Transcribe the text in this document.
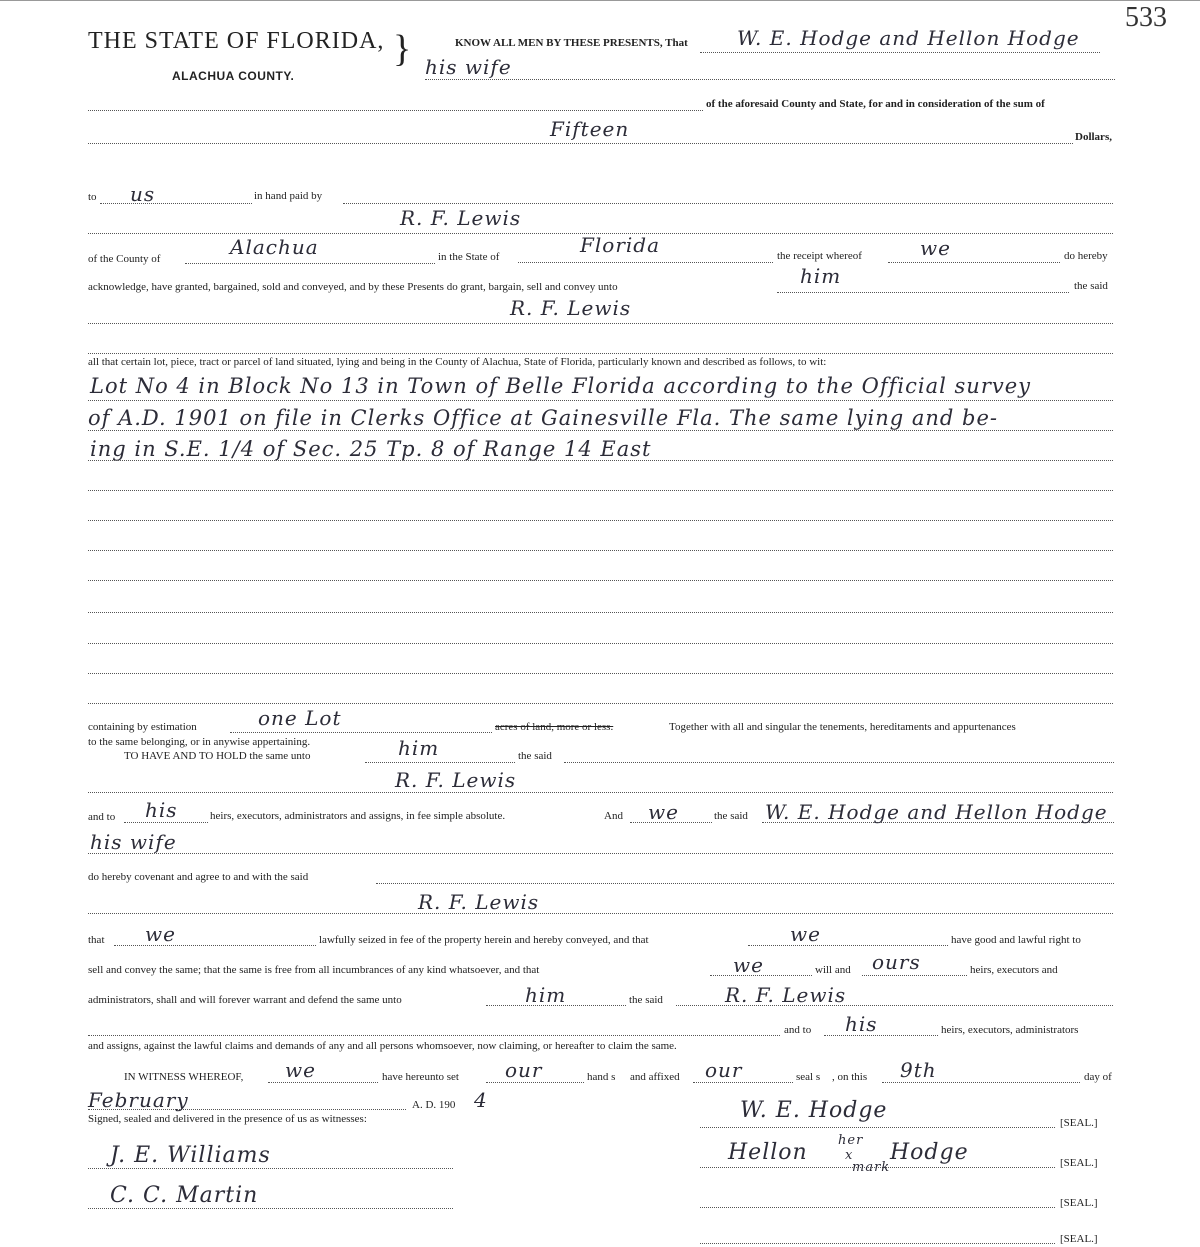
533
THE STATE OF FLORIDA, }
ALACHUA COUNTY.
KNOW ALL MEN BY THESE PRESENTS, That W. E. Hodge and Hellon Hodge
his wife
of the aforesaid County and State, for and in consideration of the sum of
Fifteen	Dollars,
to us	in hand paid by
R. F. Lewis
of the County of	Alachua	in the State of	Florida	the receipt whereof	we	do hereby
acknowledge, have granted, bargained, sold and conveyed, and by these Presents do grant, bargain, sell and convey unto	him	the said
R. F. Lewis
all that certain lot, piece, tract or parcel of land situated, lying and being in the County of Alachua, State of Florida, particularly known and described as follows, to wit:
Lot No 4 in Block No 13 in Town of Belle Florida according to the Official survey
of A.D. 1901 on file in Clerks Office at Gainesville Fla. The same lying and be-
ing in S.E. 1/4 of Sec. 25 Tp. 8 of Range 14 East
containing by estimation	one Lot	acres of land, more or less.	Together with all and singular the tenements, hereditaments and appurtenances
to the same belonging, or in anywise appertaining.
TO HAVE AND TO HOLD the same unto	him	the said
R. F. Lewis
and to his	heirs, executors, administrators and assigns, in fee simple absolute.	And we	the said W. E. Hodge and Hellon Hodge
his wife
do hereby covenant and agree to and with the said
R. F. Lewis
that we	lawfully seized in fee of the property herein and hereby conveyed, and that	we	have good and lawful right to
sell and convey the same; that the same is free from all incumbrances of any kind whatsoever, and that	we	will and ours	heirs, executors and
administrators, shall and will forever warrant and defend the same unto	him	the said	R. F. Lewis
and to his	heirs, executors, administrators
and assigns, against the lawful claims and demands of any and all persons whomsoever, now claiming, or hereafter to claim the same.
IN WITNESS WHEREOF, we	have hereunto set our	hand s and affixed our	seal s , on this 9th	day of
February	A. D. 190 4
Signed, sealed and delivered in the presence of us as witnesses:
J. E. Williams
C. C. Martin
W. E. Hodge	[SEAL.]
Hellon her
x
mark
Hodge	[SEAL.]
[SEAL.]
[SEAL.]
